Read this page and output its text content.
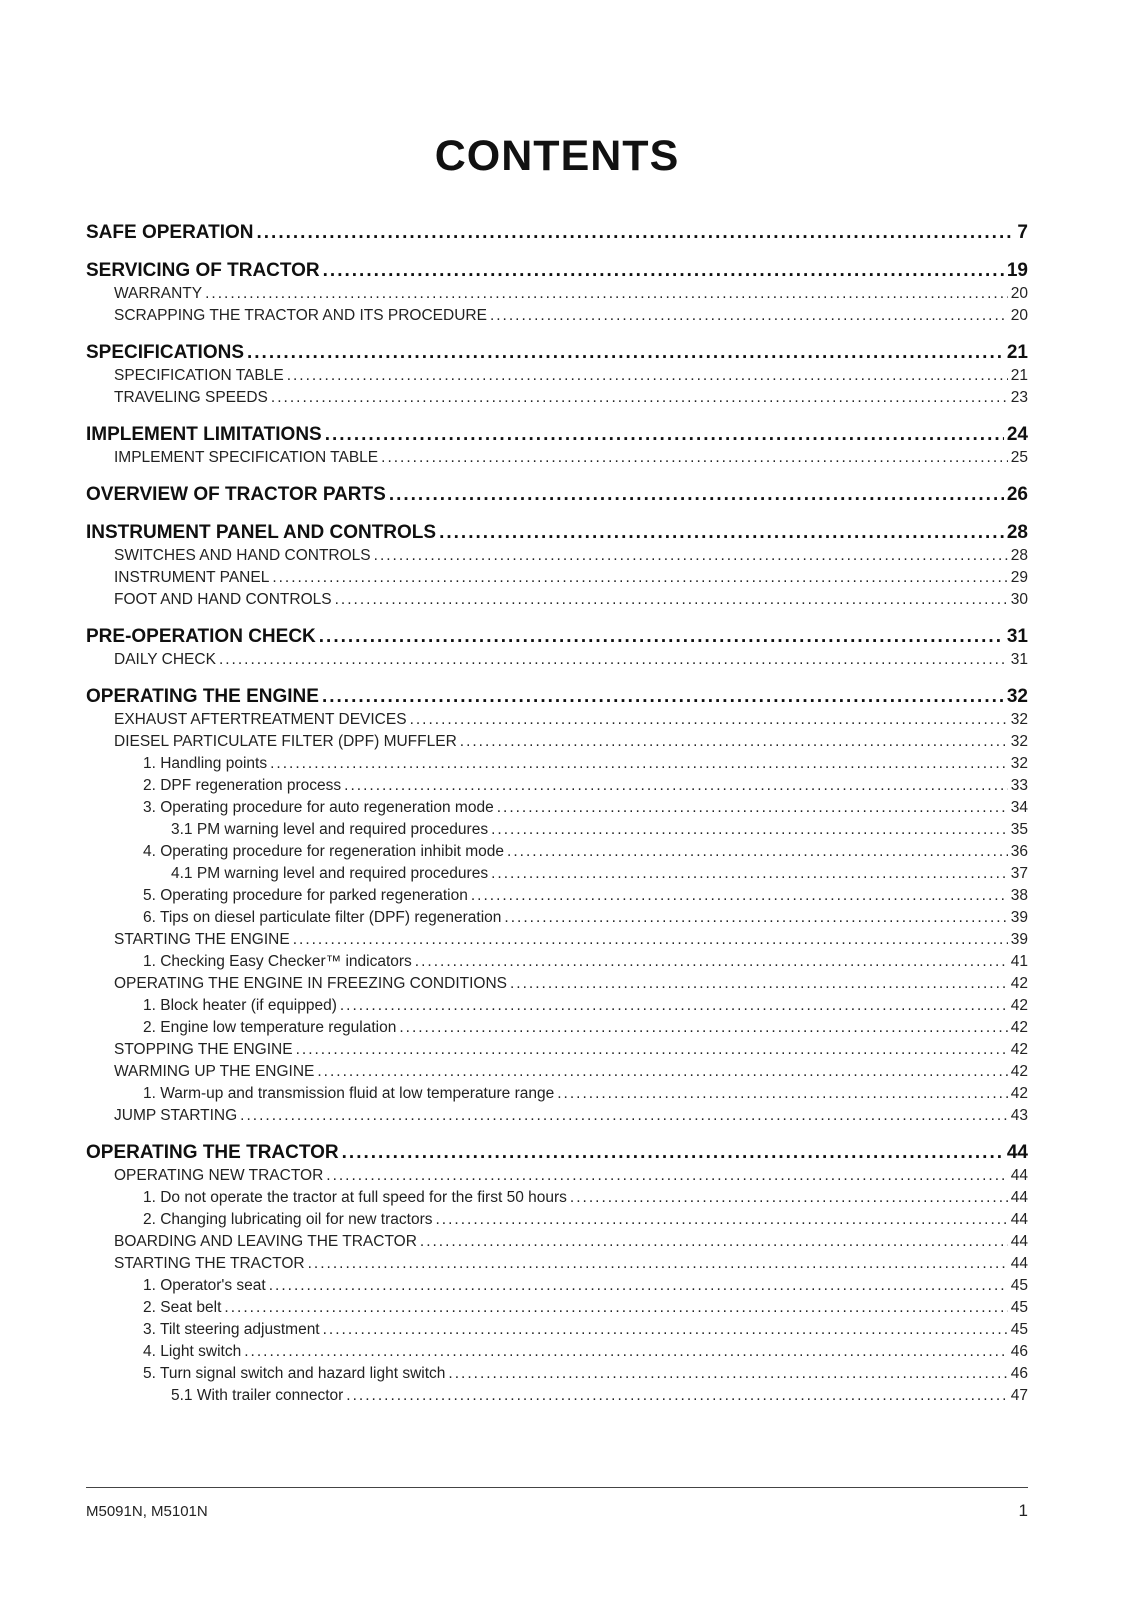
CONTENTS
SAFE OPERATION .....	7
SERVICING OF TRACTOR .....	19
WARRANTY .....	20
SCRAPPING THE TRACTOR AND ITS PROCEDURE .....	20
SPECIFICATIONS .....	21
SPECIFICATION TABLE .....	21
TRAVELING SPEEDS .....	23
IMPLEMENT LIMITATIONS .....	24
IMPLEMENT SPECIFICATION TABLE .....	25
OVERVIEW OF TRACTOR PARTS .....	26
INSTRUMENT PANEL AND CONTROLS .....	28
SWITCHES AND HAND CONTROLS .....	28
INSTRUMENT PANEL .....	29
FOOT AND HAND CONTROLS .....	30
PRE-OPERATION CHECK .....	31
DAILY CHECK .....	31
OPERATING THE ENGINE .....	32
EXHAUST AFTERTREATMENT DEVICES .....	32
DIESEL PARTICULATE FILTER (DPF) MUFFLER .....	32
1. Handling points .....	32
2. DPF regeneration process .....	33
3. Operating procedure for auto regeneration mode .....	34
3.1 PM warning level and required procedures .....	35
4. Operating procedure for regeneration inhibit mode .....	36
4.1 PM warning level and required procedures .....	37
5. Operating procedure for parked regeneration .....	38
6. Tips on diesel particulate filter (DPF) regeneration .....	39
STARTING THE ENGINE .....	39
1. Checking Easy Checker™ indicators .....	41
OPERATING THE ENGINE IN FREEZING CONDITIONS .....	42
1. Block heater (if equipped) .....	42
2. Engine low temperature regulation .....	42
STOPPING THE ENGINE .....	42
WARMING UP THE ENGINE .....	42
1. Warm-up and transmission fluid at low temperature range .....	42
JUMP STARTING .....	43
OPERATING THE TRACTOR .....	44
OPERATING NEW TRACTOR .....	44
1. Do not operate the tractor at full speed for the first 50 hours .....	44
2. Changing lubricating oil for new tractors .....	44
BOARDING AND LEAVING THE TRACTOR .....	44
STARTING THE TRACTOR .....	44
1. Operator's seat .....	45
2. Seat belt .....	45
3. Tilt steering adjustment .....	45
4. Light switch .....	46
5. Turn signal switch and hazard light switch .....	46
5.1 With trailer connector .....	47
M5091N, M5101N	1
